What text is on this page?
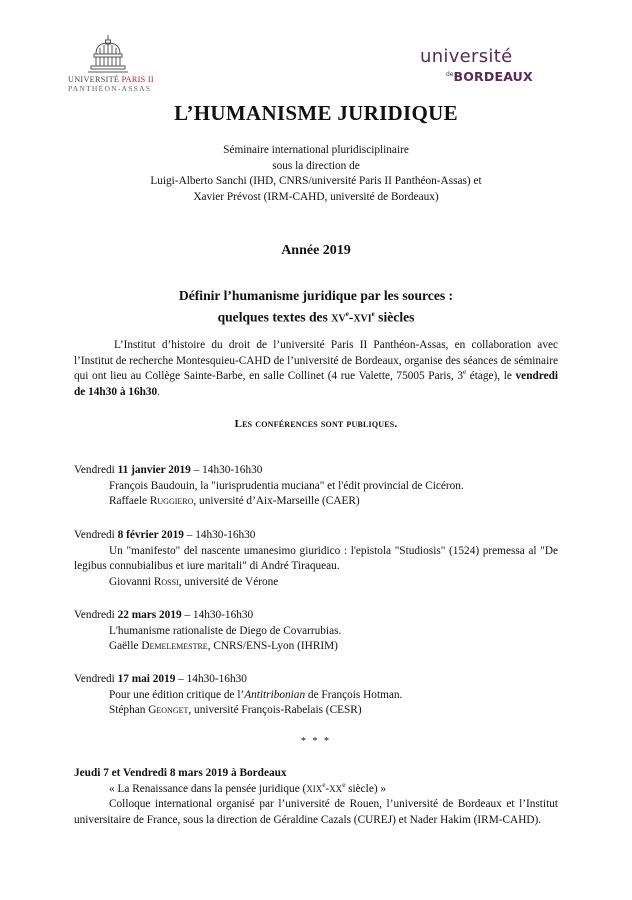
UNIVERSITÉ PARIS II
PANTHÉON-ASSAS
université
$^{de}$BORDEAUX
L’HUMANISME JURIDIQUE
Séminaire international pluridisciplinaire
sous la direction de
Luigi-Alberto Sanchi (IHD, CNRS/université Paris II Panthéon-Assas) et
Xavier Prévost (IRM-CAHD, université de Bordeaux)
Année 2019
Définir l’humanisme juridique par les sources :
quelques textes des XVe-XVIe siècles

L’Institut d’histoire du droit de l’université Paris II Panthéon-Assas, en collaboration avec l’Institut de recherche Montesquieu-CAHD de l’université de Bordeaux, organise des séances de séminaire qui ont lieu au Collège Sainte-Barbe, en salle Collinet (4 rue Valette, 75005 Paris, 3e étage), le vendredi de 14h30 à 16h30.

Les conférences sont publiques.
Vendredi 11 janvier 2019 – 14h30-16h30
François Baudouin, la "iurisprudentia muciana" et l'édit provincial de Cicéron.
Raffaele Ruggiero, université d’Aix-Marseille (CAER)
Vendredi 8 février 2019 – 14h30-16h30
Un "manifesto" del nascente umanesimo giuridico : l'epistola "Studiosis" (1524) premessa al "De legibus connubialibus et iure maritali" di André Tiraqueau.
Giovanni Rossi, université de Vérone
Vendredi 22 mars 2019 – 14h30-16h30
L'humanisme rationaliste de Diego de Covarrubias.
Gaëlle Demelemestre, CNRS/ENS-Lyon (IHRIM)
Vendredi 17 mai 2019 – 14h30-16h30
Pour une édition critique de l’Antitribonian de François Hotman.
Stéphan Geonget, université François-Rabelais (CESR)
* * *
Jeudi 7 et Vendredi 8 mars 2019 à Bordeaux
« La Renaissance dans la pensée juridique (XIXe-XXe siècle) »
Colloque international organisé par l’université de Rouen, l’université de Bordeaux et l’Institut universitaire de France, sous la direction de Géraldine Cazals (CUREJ) et Nader Hakim (IRM-CAHD).
